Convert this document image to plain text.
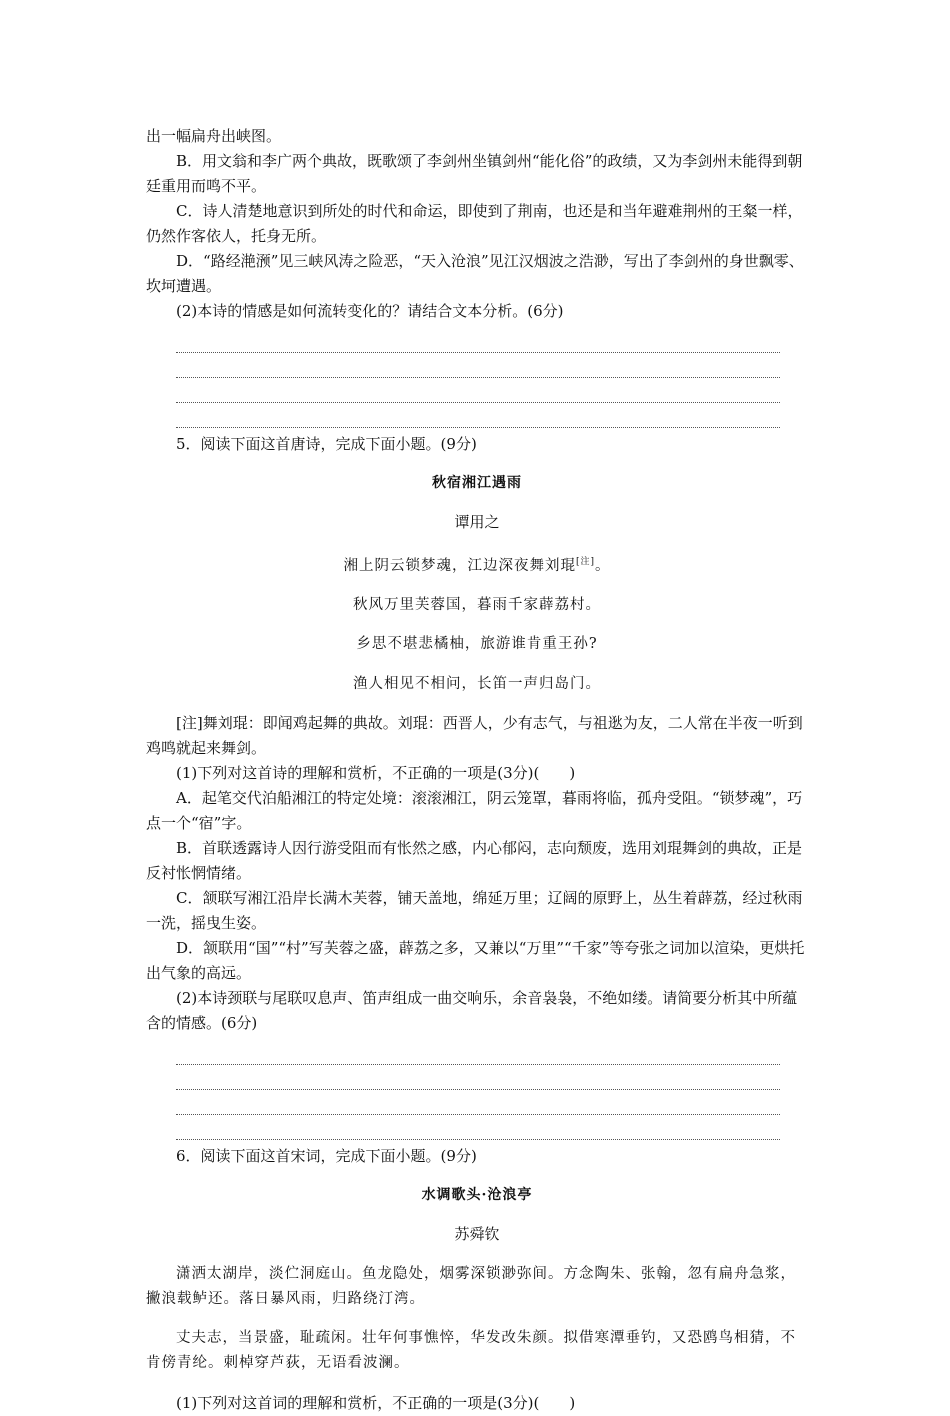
出一幅扁舟出峡图。

B．用文翁和李广两个典故，既歌颂了李剑州坐镇剑州“能化俗”的政绩，又为李剑州未能得到朝廷重用而鸣不平。

C．诗人清楚地意识到所处的时代和命运，即使到了荆南，也还是和当年避难荆州的王粲一样，仍然作客依人，托身无所。

D．“路经滟滪”见三峡风涛之险恶，“天入沧浪”见江汉烟波之浩渺，写出了李剑州的身世飘零、坎坷遭遇。

(2)本诗的情感是如何流转变化的？请结合文本分析。(6分)

5．阅读下面这首唐诗，完成下面小题。(9分)

秋宿湘江遇雨

谭用之

湘上阴云锁梦魂，江边深夜舞刘琨[注]。

秋风万里芙蓉国，暮雨千家薜荔村。

乡思不堪悲橘柚，旅游谁肯重王孙?

渔人相见不相问，长笛一声归岛门。

[注]舞刘琨：即闻鸡起舞的典故。刘琨：西晋人，少有志气，与祖逖为友，二人常在半夜一听到鸡鸣就起来舞剑。

(1)下列对这首诗的理解和赏析，不正确的一项是(3分)(　　)

A．起笔交代泊船湘江的特定处境：滚滚湘江，阴云笼罩，暮雨将临，孤舟受阻。“锁梦魂”，巧点一个“宿”字。

B．首联透露诗人因行游受阻而有怅然之感，内心郁闷，志向颓废，选用刘琨舞剑的典故，正是反衬怅惘情绪。

C．颔联写湘江沿岸长满木芙蓉，铺天盖地，绵延万里；辽阔的原野上，丛生着薜荔，经过秋雨一洗，摇曳生姿。

D．颔联用“国”“村”写芙蓉之盛，薜荔之多，又兼以“万里”“千家”等夸张之词加以渲染，更烘托出气象的高远。

(2)本诗颈联与尾联叹息声、笛声组成一曲交响乐，余音袅袅，不绝如缕。请简要分析其中所蕴含的情感。(6分)

6．阅读下面这首宋词，完成下面小题。(9分)

水调歌头·沧浪亭

苏舜钦

潇洒太湖岸，淡伫洞庭山。鱼龙隐处，烟雾深锁渺弥间。方念陶朱、张翰，忽有扁舟急浆，撇浪载鲈还。落日暴风雨，归路绕汀湾。

丈夫志，当景盛，耻疏闲。壮年何事憔悴，华发改朱颜。拟借寒潭垂钓，又恐鸥鸟相猜，不肯傍青纶。刺棹穿芦荻，无语看波澜。

(1)下列对这首词的理解和赏析，不正确的一项是(3分)(　　)
